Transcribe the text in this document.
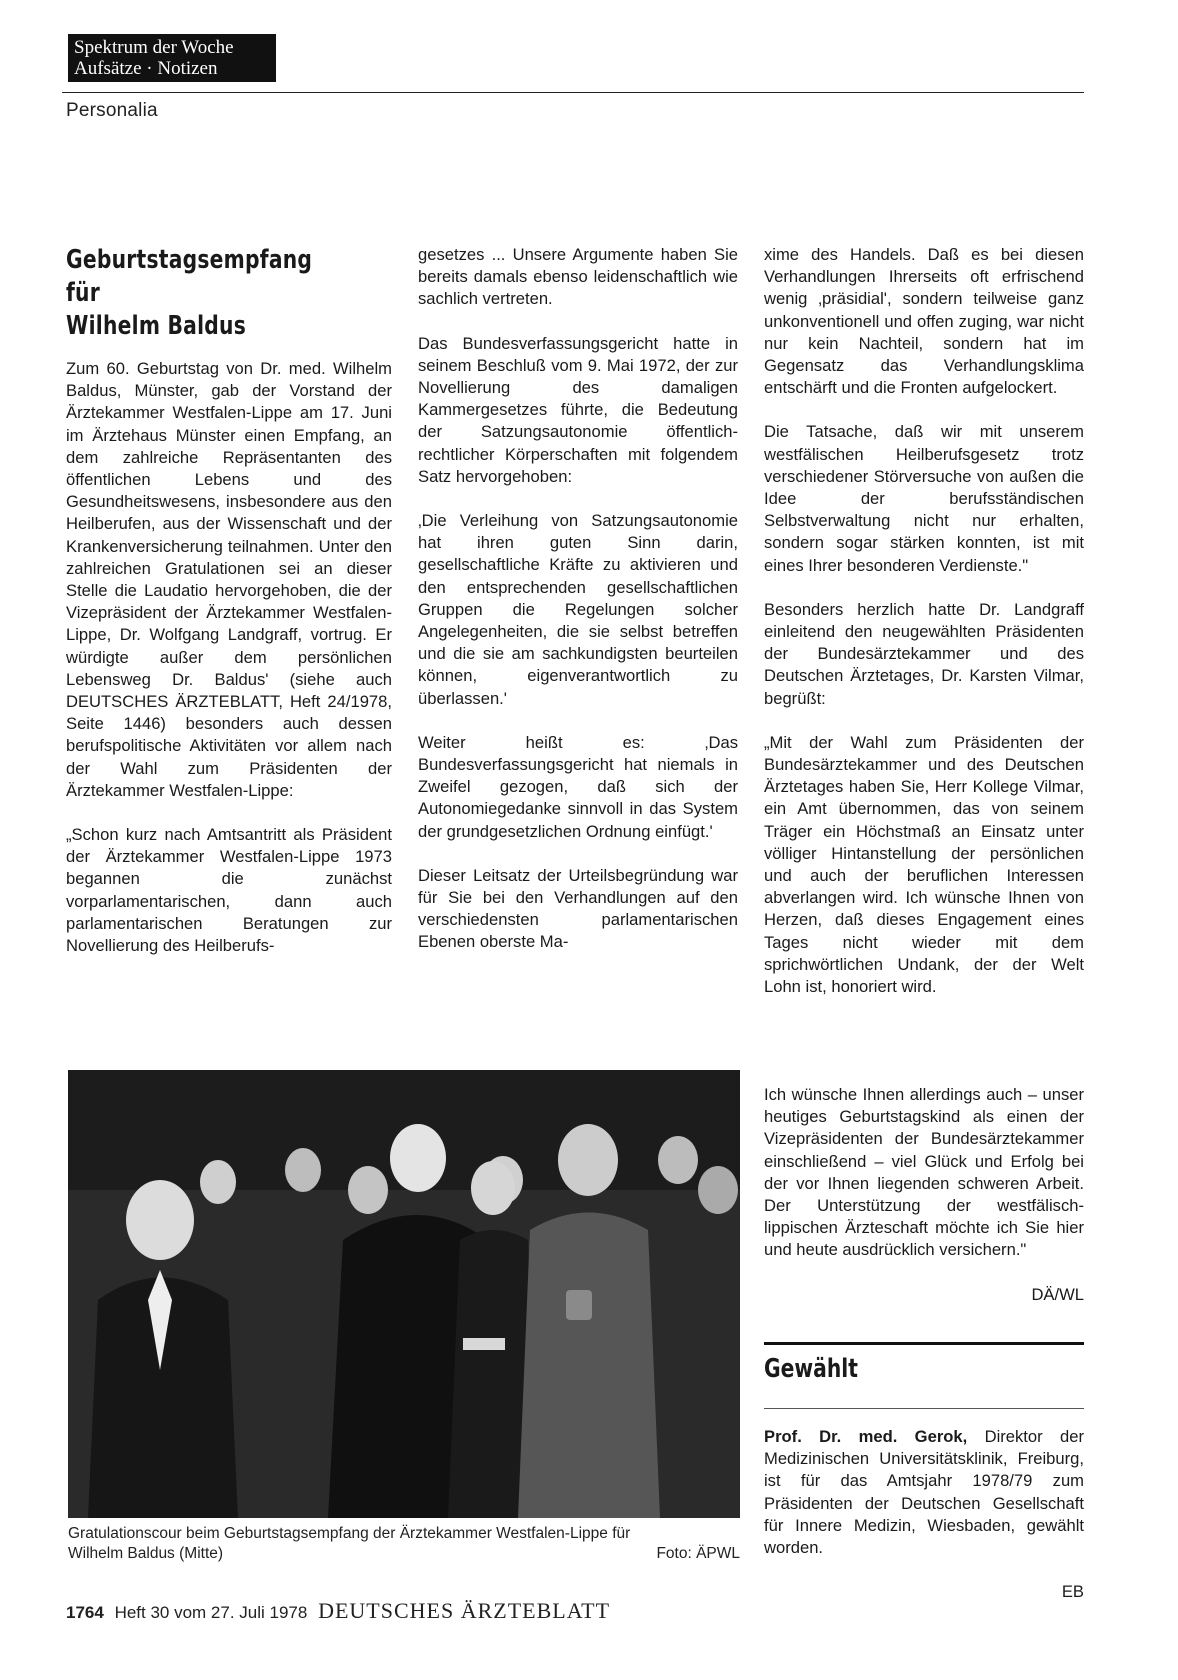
Spektrum der Woche
Aufsätze · Notizen
Personalia
Geburtstagsempfang
für
Wilhelm Baldus

Zum 60. Geburtstag von Dr. med. Wilhelm Baldus, Münster, gab der Vorstand der Ärztekammer Westfalen-Lippe am 17. Juni im Ärztehaus Münster einen Empfang, an dem zahlreiche Repräsentanten des öffentlichen Lebens und des Gesundheitswesens, insbesondere aus den Heilberufen, aus der Wissenschaft und der Krankenversicherung teilnahmen. Unter den zahlreichen Gratulationen sei an dieser Stelle die Laudatio hervorgehoben, die der Vizepräsident der Ärztekammer Westfalen-Lippe, Dr. Wolfgang Landgraff, vortrug. Er würdigte außer dem persönlichen Lebensweg Dr. Baldus' (siehe auch DEUTSCHES ÄRZTEBLATT, Heft 24/1978, Seite 1446) besonders auch dessen berufspolitische Aktivitäten vor allem nach der Wahl zum Präsidenten der Ärztekammer Westfalen-Lippe:

„Schon kurz nach Amtsantritt als Präsident der Ärztekammer Westfalen-Lippe 1973 begannen die zunächst vorparlamentarischen, dann auch parlamentarischen Beratungen zur Novellierung des Heilberufs-

gesetzes ... Unsere Argumente haben Sie bereits damals ebenso leidenschaftlich wie sachlich vertreten.

Das Bundesverfassungsgericht hatte in seinem Beschluß vom 9. Mai 1972, der zur Novellierung des damaligen Kammergesetzes führte, die Bedeutung der Satzungsautonomie öffentlich-rechtlicher Körperschaften mit folgendem Satz hervorgehoben:

‚Die Verleihung von Satzungsautonomie hat ihren guten Sinn darin, gesellschaftliche Kräfte zu aktivieren und den entsprechenden gesellschaftlichen Gruppen die Regelungen solcher Angelegenheiten, die sie selbst betreffen und die sie am sachkundigsten beurteilen können, eigenverantwortlich zu überlassen.'

Weiter heißt es: ‚Das Bundesverfassungsgericht hat niemals in Zweifel gezogen, daß sich der Autonomiegedanke sinnvoll in das System der grundgesetzlichen Ordnung einfügt.'

Dieser Leitsatz der Urteilsbegründung war für Sie bei den Verhandlungen auf den verschiedensten parlamentarischen Ebenen oberste Ma-

xime des Handels. Daß es bei diesen Verhandlungen Ihrerseits oft erfrischend wenig ‚präsidial', sondern teilweise ganz unkonventionell und offen zuging, war nicht nur kein Nachteil, sondern hat im Gegensatz das Verhandlungsklima entschärft und die Fronten aufgelockert.

Die Tatsache, daß wir mit unserem westfälischen Heilberufsgesetz trotz verschiedener Störversuche von außen die Idee der berufsständischen Selbstverwaltung nicht nur erhalten, sondern sogar stärken konnten, ist mit eines Ihrer besonderen Verdienste."

Besonders herzlich hatte Dr. Landgraff einleitend den neugewählten Präsidenten der Bundesärztekammer und des Deutschen Ärztetages, Dr. Karsten Vilmar, begrüßt:

„Mit der Wahl zum Präsidenten der Bundesärztekammer und des Deutschen Ärztetages haben Sie, Herr Kollege Vilmar, ein Amt übernommen, das von seinem Träger ein Höchstmaß an Einsatz unter völliger Hintanstellung der persönlichen und auch der beruflichen Interessen abverlangen wird. Ich wünsche Ihnen von Herzen, daß dieses Engagement eines Tages nicht wieder mit dem sprichwörtlichen Undank, der der Welt Lohn ist, honoriert wird.

Ich wünsche Ihnen allerdings auch – unser heutiges Geburtstagskind als einen der Vizepräsidenten der Bundesärztekammer einschließend – viel Glück und Erfolg bei der vor Ihnen liegenden schweren Arbeit. Der Unterstützung der westfälisch-lippischen Ärzteschaft möchte ich Sie hier und heute ausdrücklich versichern."

DÄ/WL
Gratulationscour beim Geburtstagsempfang der Ärztekammer Westfalen-Lippe für
Wilhelm Baldus (Mitte)	Foto: ÄPWL
Gewählt

Prof. Dr. med. Gerok, Direktor der Medizinischen Universitätsklinik, Freiburg, ist für das Amtsjahr 1978/79 zum Präsidenten der Deutschen Gesellschaft für Innere Medizin, Wiesbaden, gewählt worden.

EB
1764 Heft 30 vom 27. Juli 1978 DEUTSCHES ÄRZTEBLATT
